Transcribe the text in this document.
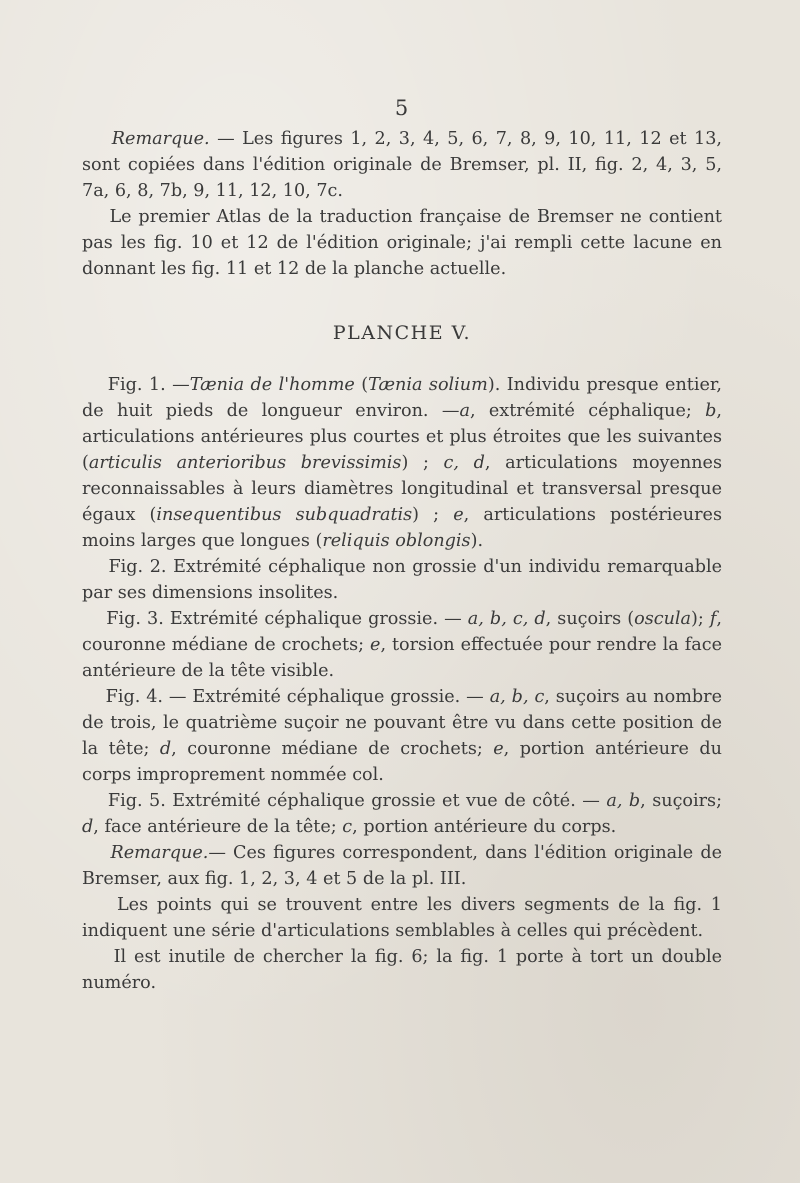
5

Remarque. — Les figures 1, 2, 3, 4, 5, 6, 7, 8, 9, 10, 11, 12 et 13, sont copiées dans l'édition originale de Bremser, pl. II, fig. 2, 4, 3, 5, 7a, 6, 8, 7b, 9, 11, 12, 10, 7c.

Le premier Atlas de la traduction française de Bremser ne contient pas les fig. 10 et 12 de l'édition originale; j'ai rempli cette lacune en donnant les fig. 11 et 12 de la planche actuelle.

PLANCHE V.

Fig. 1. —Tænia de l'homme (Tænia solium). Individu presque entier, de huit pieds de longueur environ. —a, extrémité céphalique; b, articulations antérieures plus courtes et plus étroites que les suivantes (articulis anterioribus brevissimis) ; c, d, articulations moyennes reconnaissables à leurs diamètres longitudinal et transversal presque égaux (insequentibus subquadratis) ; e, articulations postérieures moins larges que longues (reliquis oblongis).

Fig. 2. Extrémité céphalique non grossie d'un individu remarquable par ses dimensions insolites.

Fig. 3. Extrémité céphalique grossie. — a, b, c, d, suçoirs (oscula); f, couronne médiane de crochets; e, torsion effectuée pour rendre la face antérieure de la tête visible.

Fig. 4. — Extrémité céphalique grossie. — a, b, c, suçoirs au nombre de trois, le quatrième suçoir ne pouvant être vu dans cette position de la tête; d, couronne médiane de crochets; e, portion antérieure du corps improprement nommée col.

Fig. 5. Extrémité céphalique grossie et vue de côté. — a, b, suçoirs; d, face antérieure de la tête; c, portion antérieure du corps.

Remarque.— Ces figures correspondent, dans l'édition originale de Bremser, aux fig. 1, 2, 3, 4 et 5 de la pl. III.

Les points qui se trouvent entre les divers segments de la fig. 1 indiquent une série d'articulations semblables à celles qui précèdent.

Il est inutile de chercher la fig. 6; la fig. 1 porte à tort un double numéro.
